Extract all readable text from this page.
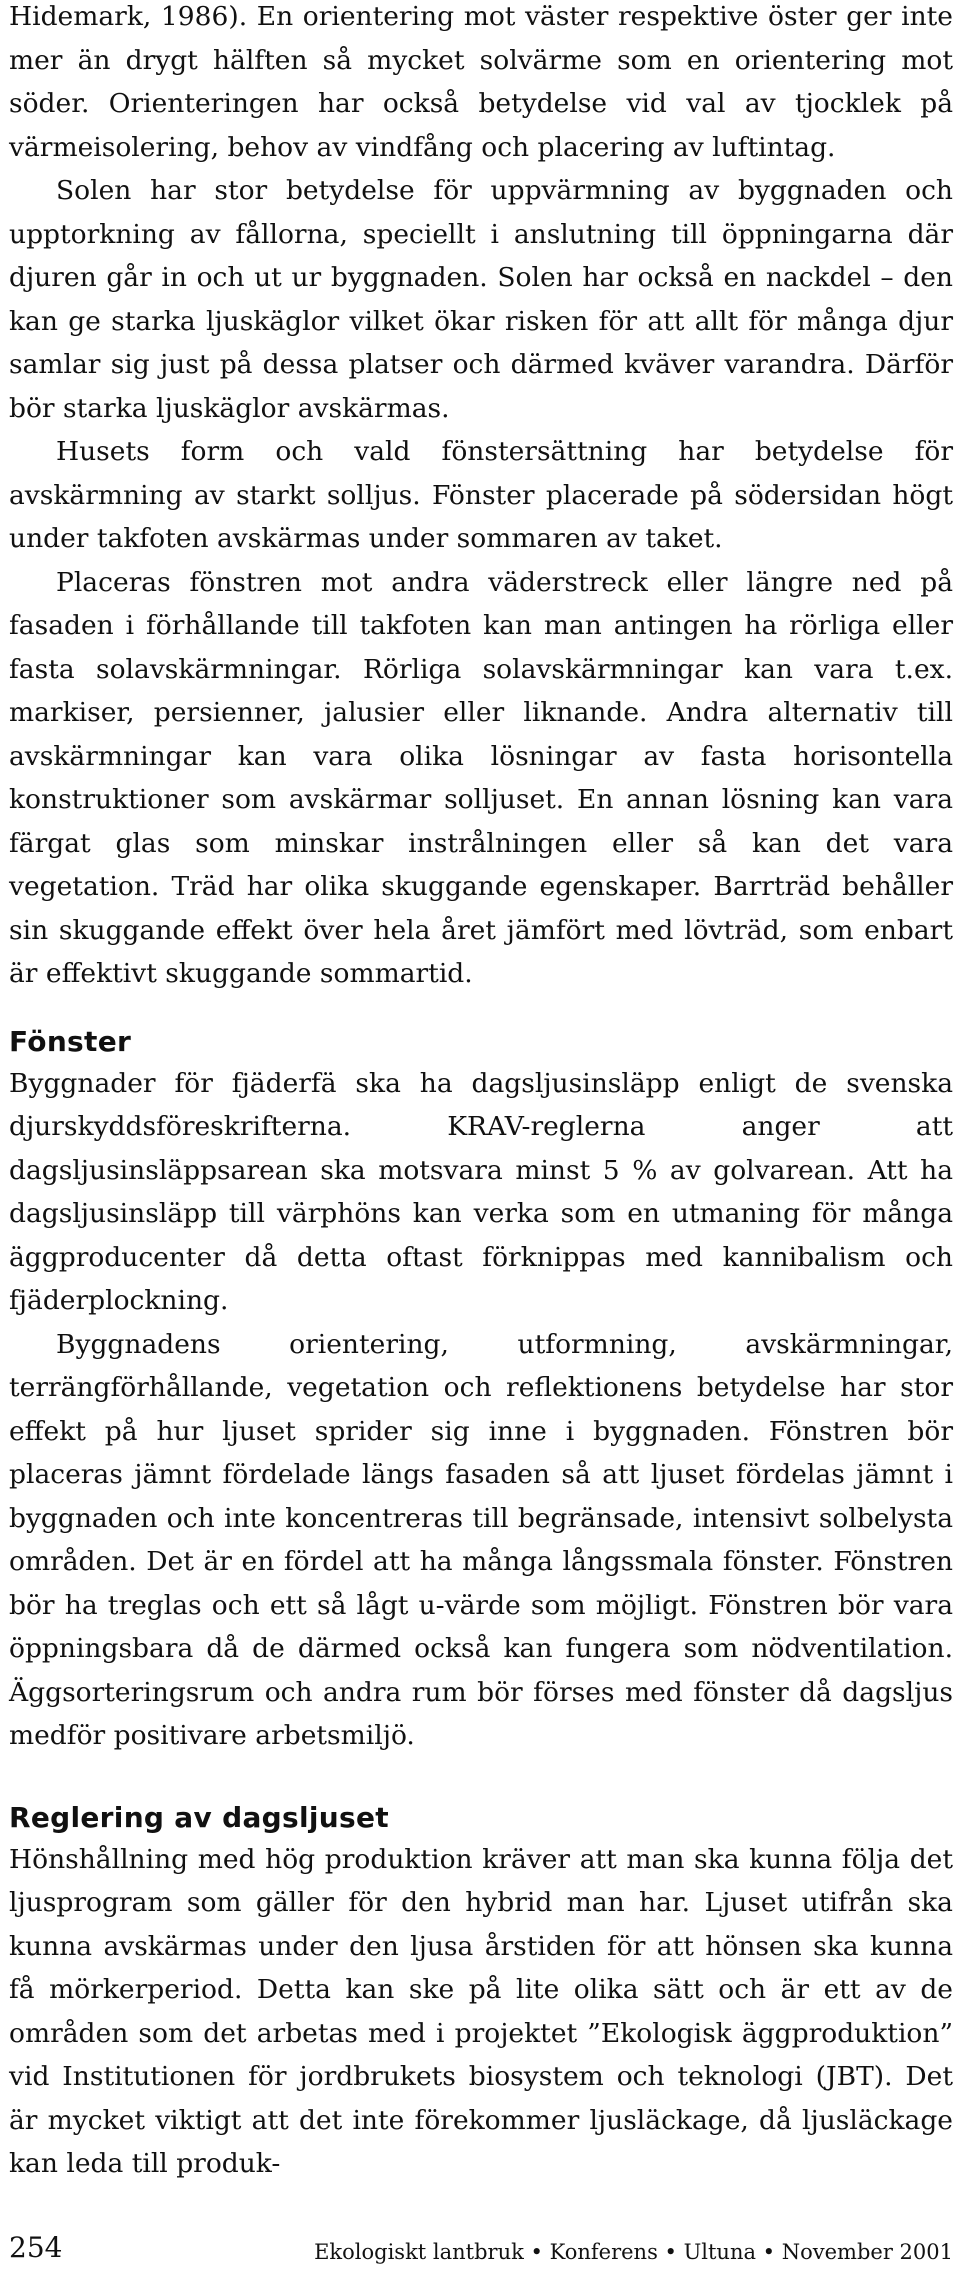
Hidemark, 1986). En orientering mot väster respektive öster ger inte mer än drygt hälften så mycket solvärme som en orientering mot söder. Orienteringen har också betydelse vid val av tjocklek på värmeisolering, behov av vindfång och placering av luftintag.

Solen har stor betydelse för uppvärmning av byggnaden och upptorkning av fållorna, speciellt i anslutning till öppningarna där djuren går in och ut ur byggnaden. Solen har också en nackdel – den kan ge starka ljuskäglor vilket ökar risken för att allt för många djur samlar sig just på dessa platser och därmed kväver varandra. Därför bör starka ljuskäglor avskärmas.

Husets form och vald fönstersättning har betydelse för avskärmning av starkt solljus. Fönster placerade på södersidan högt under takfoten avskärmas under sommaren av taket.

Placeras fönstren mot andra väderstreck eller längre ned på fasaden i förhållande till takfoten kan man antingen ha rörliga eller fasta solavskärmningar. Rörliga solavskärmningar kan vara t.ex. markiser, persienner, jalusier eller liknande. Andra alternativ till avskärmningar kan vara olika lösningar av fasta horisontella konstruktioner som avskärmar solljuset. En annan lösning kan vara färgat glas som minskar instrålningen eller så kan det vara vegetation. Träd har olika skuggande egenskaper. Barrträd behåller sin skuggande effekt över hela året jämfört med lövträd, som enbart är effektivt skuggande sommartid.

Fönster

Byggnader för fjäderfä ska ha dagsljusinsläpp enligt de svenska djurskyddsföreskrifterna. KRAV-reglerna anger att dagsljusinsläppsarean ska motsvara minst 5 % av golvarean. Att ha dagsljusinsläpp till värphöns kan verka som en utmaning för många äggproducenter då detta oftast förknippas med kannibalism och fjäderplockning.

Byggnadens orientering, utformning, avskärmningar, terrängförhållande, vegetation och reflektionens betydelse har stor effekt på hur ljuset sprider sig inne i byggnaden. Fönstren bör placeras jämnt fördelade längs fasaden så att ljuset fördelas jämnt i byggnaden och inte koncentreras till begränsade, intensivt solbelysta områden. Det är en fördel att ha många långssmala fönster. Fönstren bör ha treglas och ett så lågt u-värde som möjligt. Fönstren bör vara öppningsbara då de därmed också kan fungera som nödventilation. Äggsorteringsrum och andra rum bör förses med fönster då dagsljus medför positivare arbetsmiljö.

Reglering av dagsljuset

Hönshållning med hög produktion kräver att man ska kunna följa det ljusprogram som gäller för den hybrid man har. Ljuset utifrån ska kunna avskärmas under den ljusa årstiden för att hönsen ska kunna få mörkerperiod. Detta kan ske på lite olika sätt och är ett av de områden som det arbetas med i projektet ”Ekologisk äggproduktion” vid Institutionen för jordbrukets biosystem och teknologi (JBT). Det är mycket viktigt att det inte förekommer ljusläckage, då ljusläckage kan leda till produk-

254	Ekologiskt lantbruk • Konferens • Ultuna • November 2001
